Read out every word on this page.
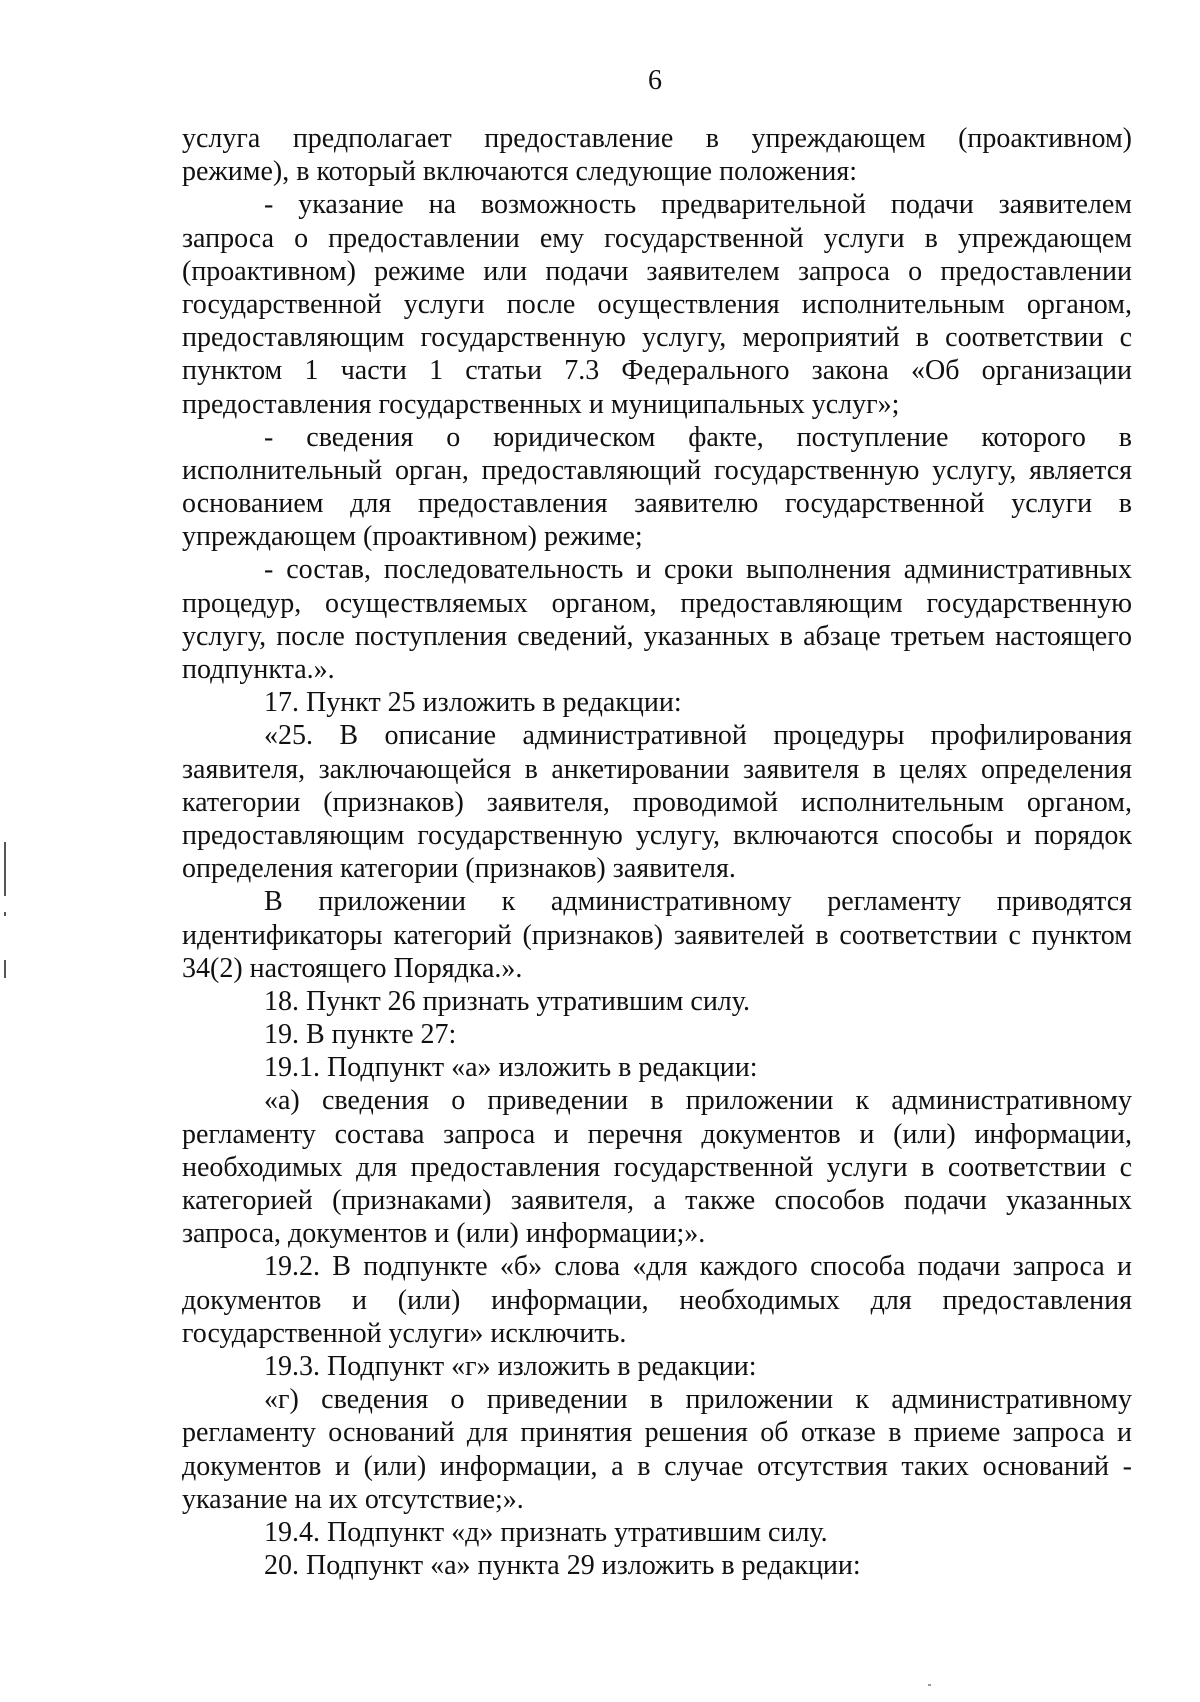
6
услуга предполагает предоставление в упреждающем (проактивном)
режиме), в который включаются следующие положения:
- указание на возможность предварительной подачи заявителем
запроса о предоставлении ему государственной услуги в упреждающем
(проактивном) режиме или подачи заявителем запроса о предоставлении
государственной услуги после осуществления исполнительным органом,
предоставляющим государственную услугу, мероприятий в соответствии с
пунктом 1 части 1 статьи 7.3 Федерального закона «Об организации
предоставления государственных и муниципальных услуг»;
- сведения о юридическом факте, поступление которого в
исполнительный орган, предоставляющий государственную услугу, является
основанием для предоставления заявителю государственной услуги в
упреждающем (проактивном) режиме;
- состав, последовательность и сроки выполнения административных
процедур, осуществляемых органом, предоставляющим государственную
услугу, после поступления сведений, указанных в абзаце третьем настоящего
подпункта.».
17. Пункт 25 изложить в редакции:
«25. В описание административной процедуры профилирования
заявителя, заключающейся в анкетировании заявителя в целях определения
категории (признаков) заявителя, проводимой исполнительным органом,
предоставляющим государственную услугу, включаются способы и порядок
определения категории (признаков) заявителя.
В приложении к административному регламенту приводятся
идентификаторы категорий (признаков) заявителей в соответствии с пунктом
34(2) настоящего Порядка.».
18. Пункт 26 признать утратившим силу.
19. В пункте 27:
19.1. Подпункт «а» изложить в редакции:
«а) сведения о приведении в приложении к административному
регламенту состава запроса и перечня документов и (или) информации,
необходимых для предоставления государственной услуги в соответствии с
категорией (признаками) заявителя, а также способов подачи указанных
запроса, документов и (или) информации;».
19.2. В подпункте «б» слова «для каждого способа подачи запроса и
документов и (или) информации, необходимых для предоставления
государственной услуги» исключить.
19.3. Подпункт «г» изложить в редакции:
«г) сведения о приведении в приложении к административному
регламенту оснований для принятия решения об отказе в приеме запроса и
документов и (или) информации, а в случае отсутствия таких оснований -
указание на их отсутствие;».
19.4. Подпункт «д» признать утратившим силу.
20. Подпункт «а» пункта 29 изложить в редакции:
